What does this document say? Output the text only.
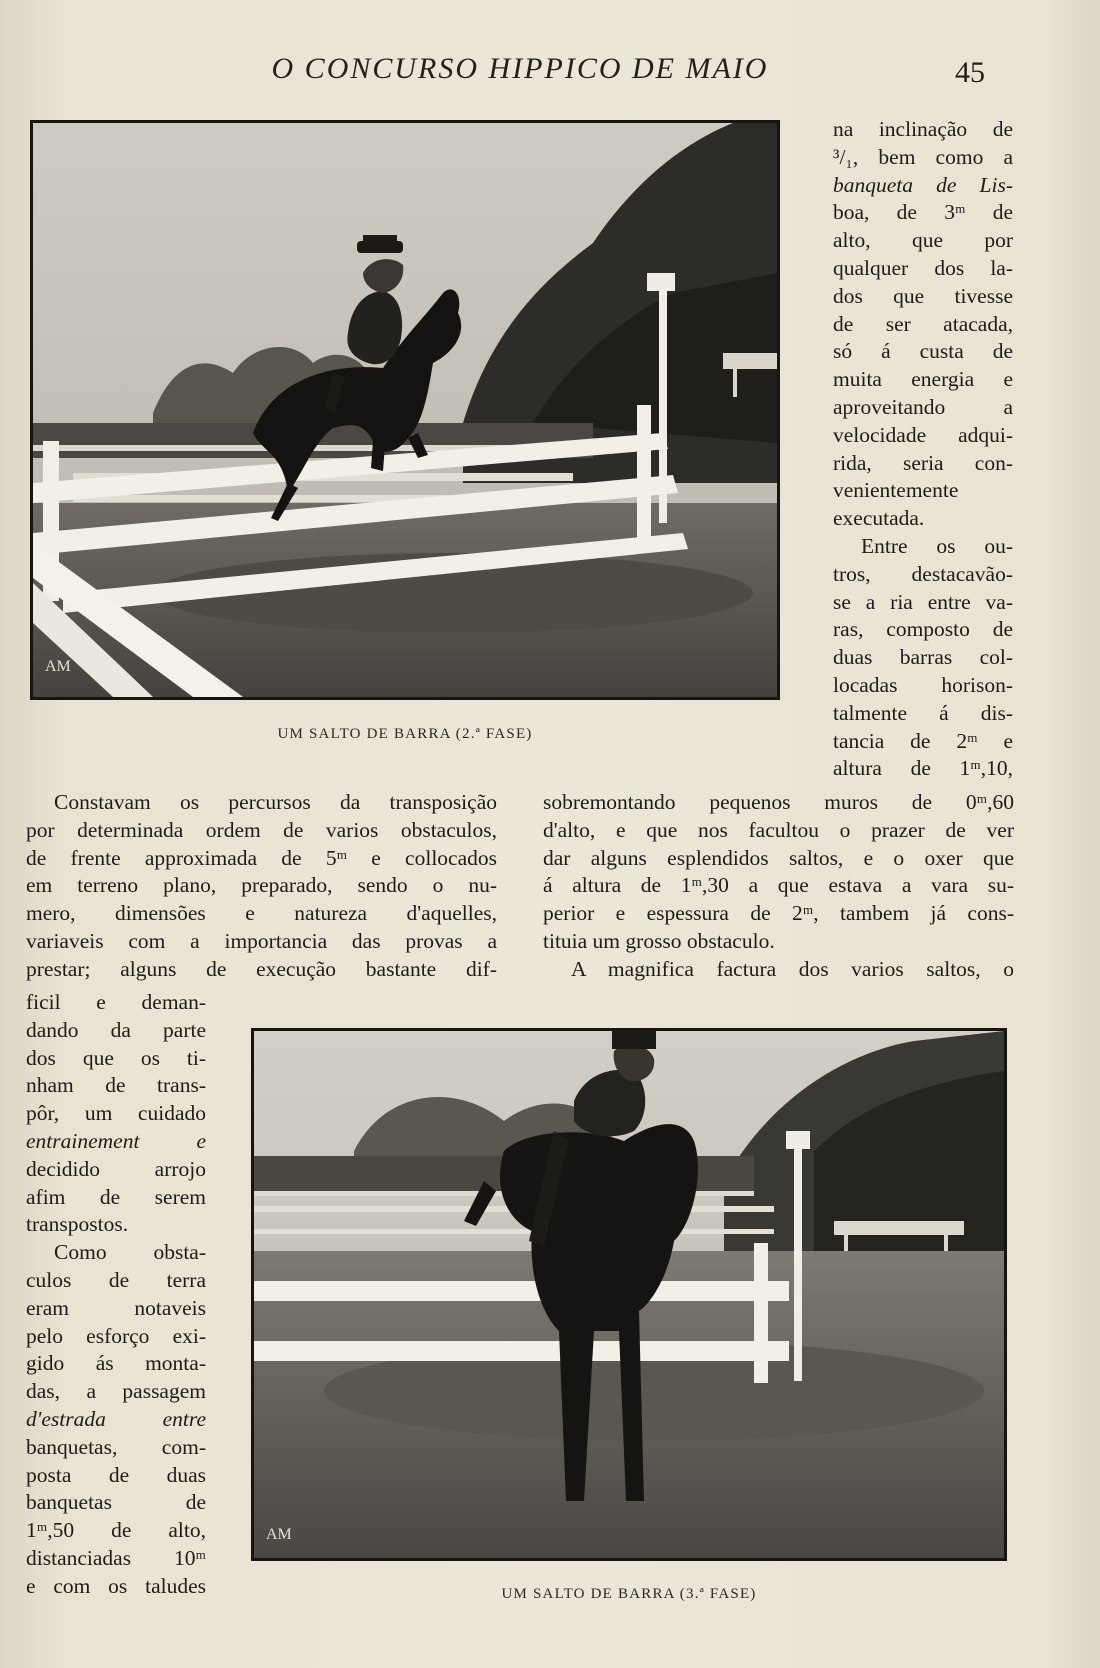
O CONCURSO HIPPICO DE MAIO	45
AM
UM SALTO DE BARRA (2.ª FASE)
na inclinação de
³/₁, bem como a
banqueta de Lis-
boa, de 3ᵐ de
alto, que por
qualquer dos la-
dos que tivesse
de ser atacada,
só á custa de
muita energia e
aproveitando a
velocidade adqui-
rida, seria con-
venientemente
executada.
Entre os ou-
tros, destacavão-
se a ria entre va-
ras, composto de
duas barras col-
locadas horison-
talmente á dis-
tancia de 2ᵐ e
altura de 1ᵐ,10,
Constavam os percursos da transposição
por determinada ordem de varios obstaculos,
de frente approximada de 5ᵐ e collocados
em terreno plano, preparado, sendo o nu-
mero, dimensões e natureza d'aquelles,
variaveis com a importancia das provas a
prestar; alguns de execução bastante dif-
sobremontando pequenos muros de 0ᵐ,60
d'alto, e que nos facultou o prazer de ver
dar alguns esplendidos saltos, e o oxer que
á altura de 1ᵐ,30 a que estava a vara su-
perior e espessura de 2ᵐ, tambem já cons-
tituia um grosso obstaculo.
A magnifica factura dos varios saltos, o
ficil e deman-
dando da parte
dos que os ti-
nham de trans-
pôr, um cuidado
entrainement e
decidido arrojo
afim de serem
transpostos.
Como obsta-
culos de terra
eram notaveis
pelo esforço exi-
gido ás monta-
das, a passagem
d'estrada entre
banquetas, com-
posta de duas
banquetas de
1ᵐ,50 de alto,
distanciadas 10ᵐ
e com os taludes
AM
UM SALTO DE BARRA (3.ª FASE)
